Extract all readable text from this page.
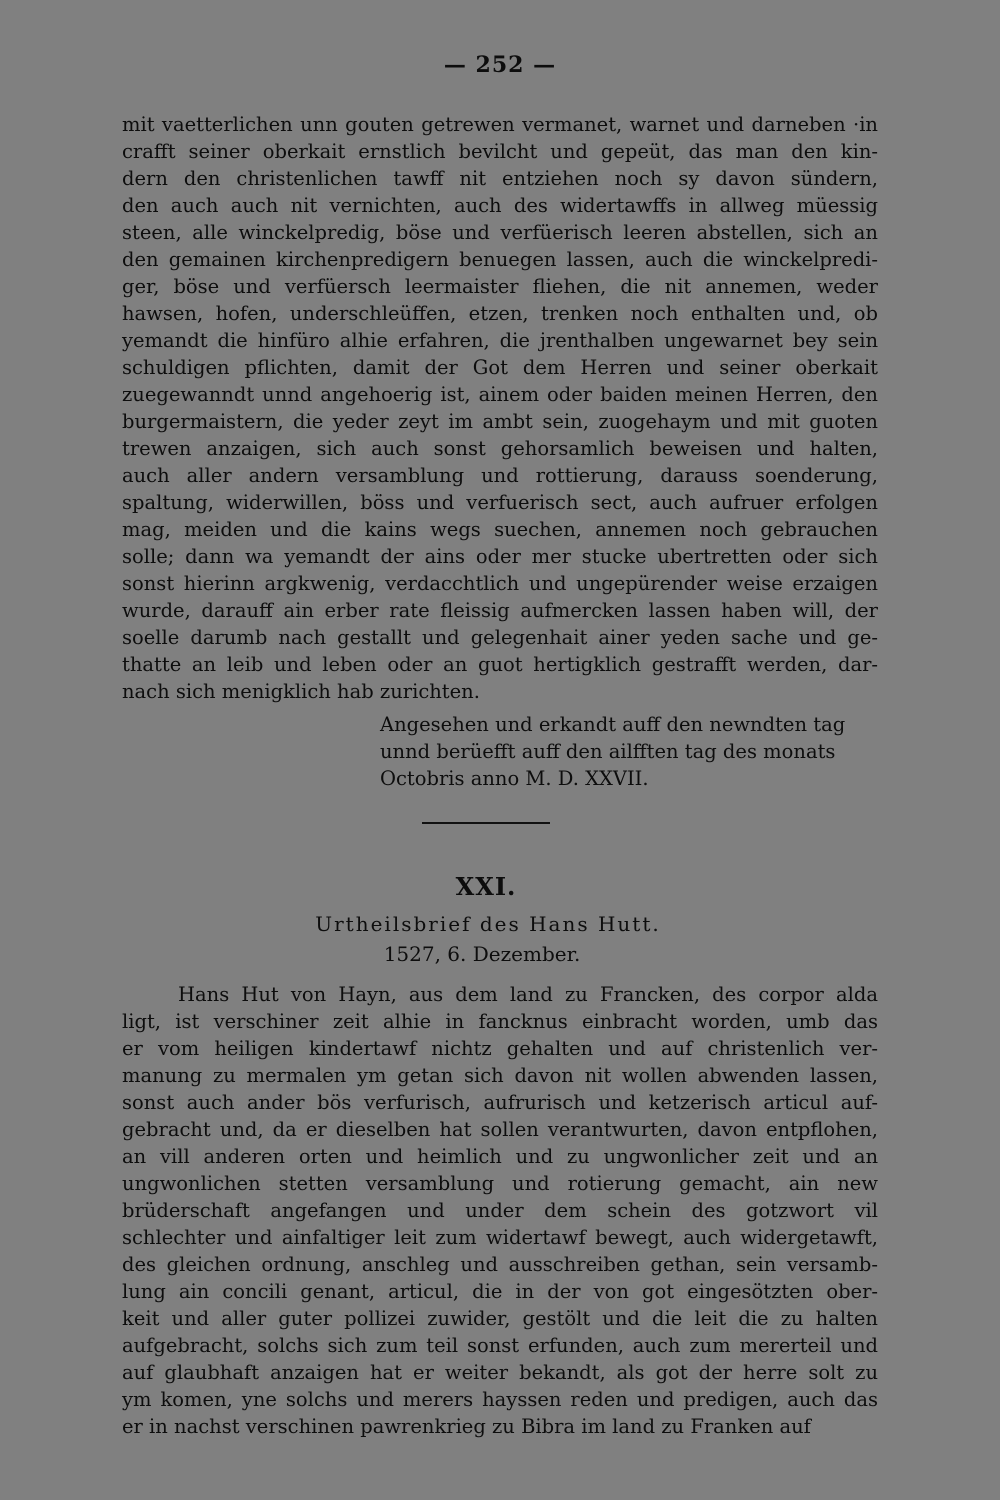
— 252 —
mit vaetterlichen unn gouten getrewen vermanet, warnet und darneben ·in
crafft seiner oberkait ernstlich bevilcht und gepeüt, das man den kin-
dern den christenlichen tawff nit entziehen noch sy davon sündern,
den auch auch nit vernichten, auch des widertawffs in allweg müessig
steen, alle winckelpredig, böse und verfüerisch leeren abstellen, sich an
den gemainen kirchenpredigern benuegen lassen, auch die winckelpredi-
ger, böse und verfüersch leermaister fliehen, die nit annemen, weder
hawsen, hofen, underschleüffen, etzen, trenken noch enthalten und, ob
yemandt die hinfüro alhie erfahren, die jrenthalben ungewarnet bey sein
schuldigen pflichten, damit der Got dem Herren und seiner oberkait
zuegewanndt unnd angehoerig ist, ainem oder baiden meinen Herren, den
burgermaistern, die yeder zeyt im ambt sein, zuogehaym und mit guoten
trewen anzaigen, sich auch sonst gehorsamlich beweisen und halten,
auch aller andern versamblung und rottierung, darauss soenderung,
spaltung, widerwillen, böss und verfuerisch sect, auch aufruer erfolgen
mag, meiden und die kains wegs suechen, annemen noch gebrauchen
solle; dann wa yemandt der ains oder mer stucke ubertretten oder sich
sonst hierinn argkwenig, verdacchtlich und ungepürender weise erzaigen
wurde, darauff ain erber rate fleissig aufmercken lassen haben will, der
soelle darumb nach gestallt und gelegenhait ainer yeden sache und ge-
thatte an leib und leben oder an guot hertigklich gestrafft werden, dar-
nach sich menigklich hab zurichten.
Angesehen und erkandt auff den newndten tag
unnd berüefft auff den ailfften tag des monats
Octobris anno M. D. XXVII.
XXI.
Urtheilsbrief des Hans Hutt.
1527, 6. Dezember.
Hans Hut von Hayn, aus dem land zu Francken, des corpor alda
ligt, ist verschiner zeit alhie in fancknus einbracht worden, umb das
er vom heiligen kindertawf nichtz gehalten und auf christenlich ver-
manung zu mermalen ym getan sich davon nit wollen abwenden lassen,
sonst auch ander bös verfurisch, aufrurisch und ketzerisch articul auf-
gebracht und, da er dieselben hat sollen verantwurten, davon entpflohen,
an vill anderen orten und heimlich und zu ungwonlicher zeit und an
ungwonlichen stetten versamblung und rotierung gemacht, ain new
brüderschaft angefangen und under dem schein des gotzwort vil
schlechter und ainfaltiger leit zum widertawf bewegt, auch widergetawft,
des gleichen ordnung, anschleg und ausschreiben gethan, sein versamb-
lung ain concili genant, articul, die in der von got eingesötzten ober-
keit und aller guter pollizei zuwider, gestölt und die leit die zu halten
aufgebracht, solchs sich zum teil sonst erfunden, auch zum mererteil und
auf glaubhaft anzaigen hat er weiter bekandt, als got der herre solt zu
ym komen, yne solchs und merers hayssen reden und predigen, auch das
er in nachst verschinen pawrenkrieg zu Bibra im land zu Franken auf
